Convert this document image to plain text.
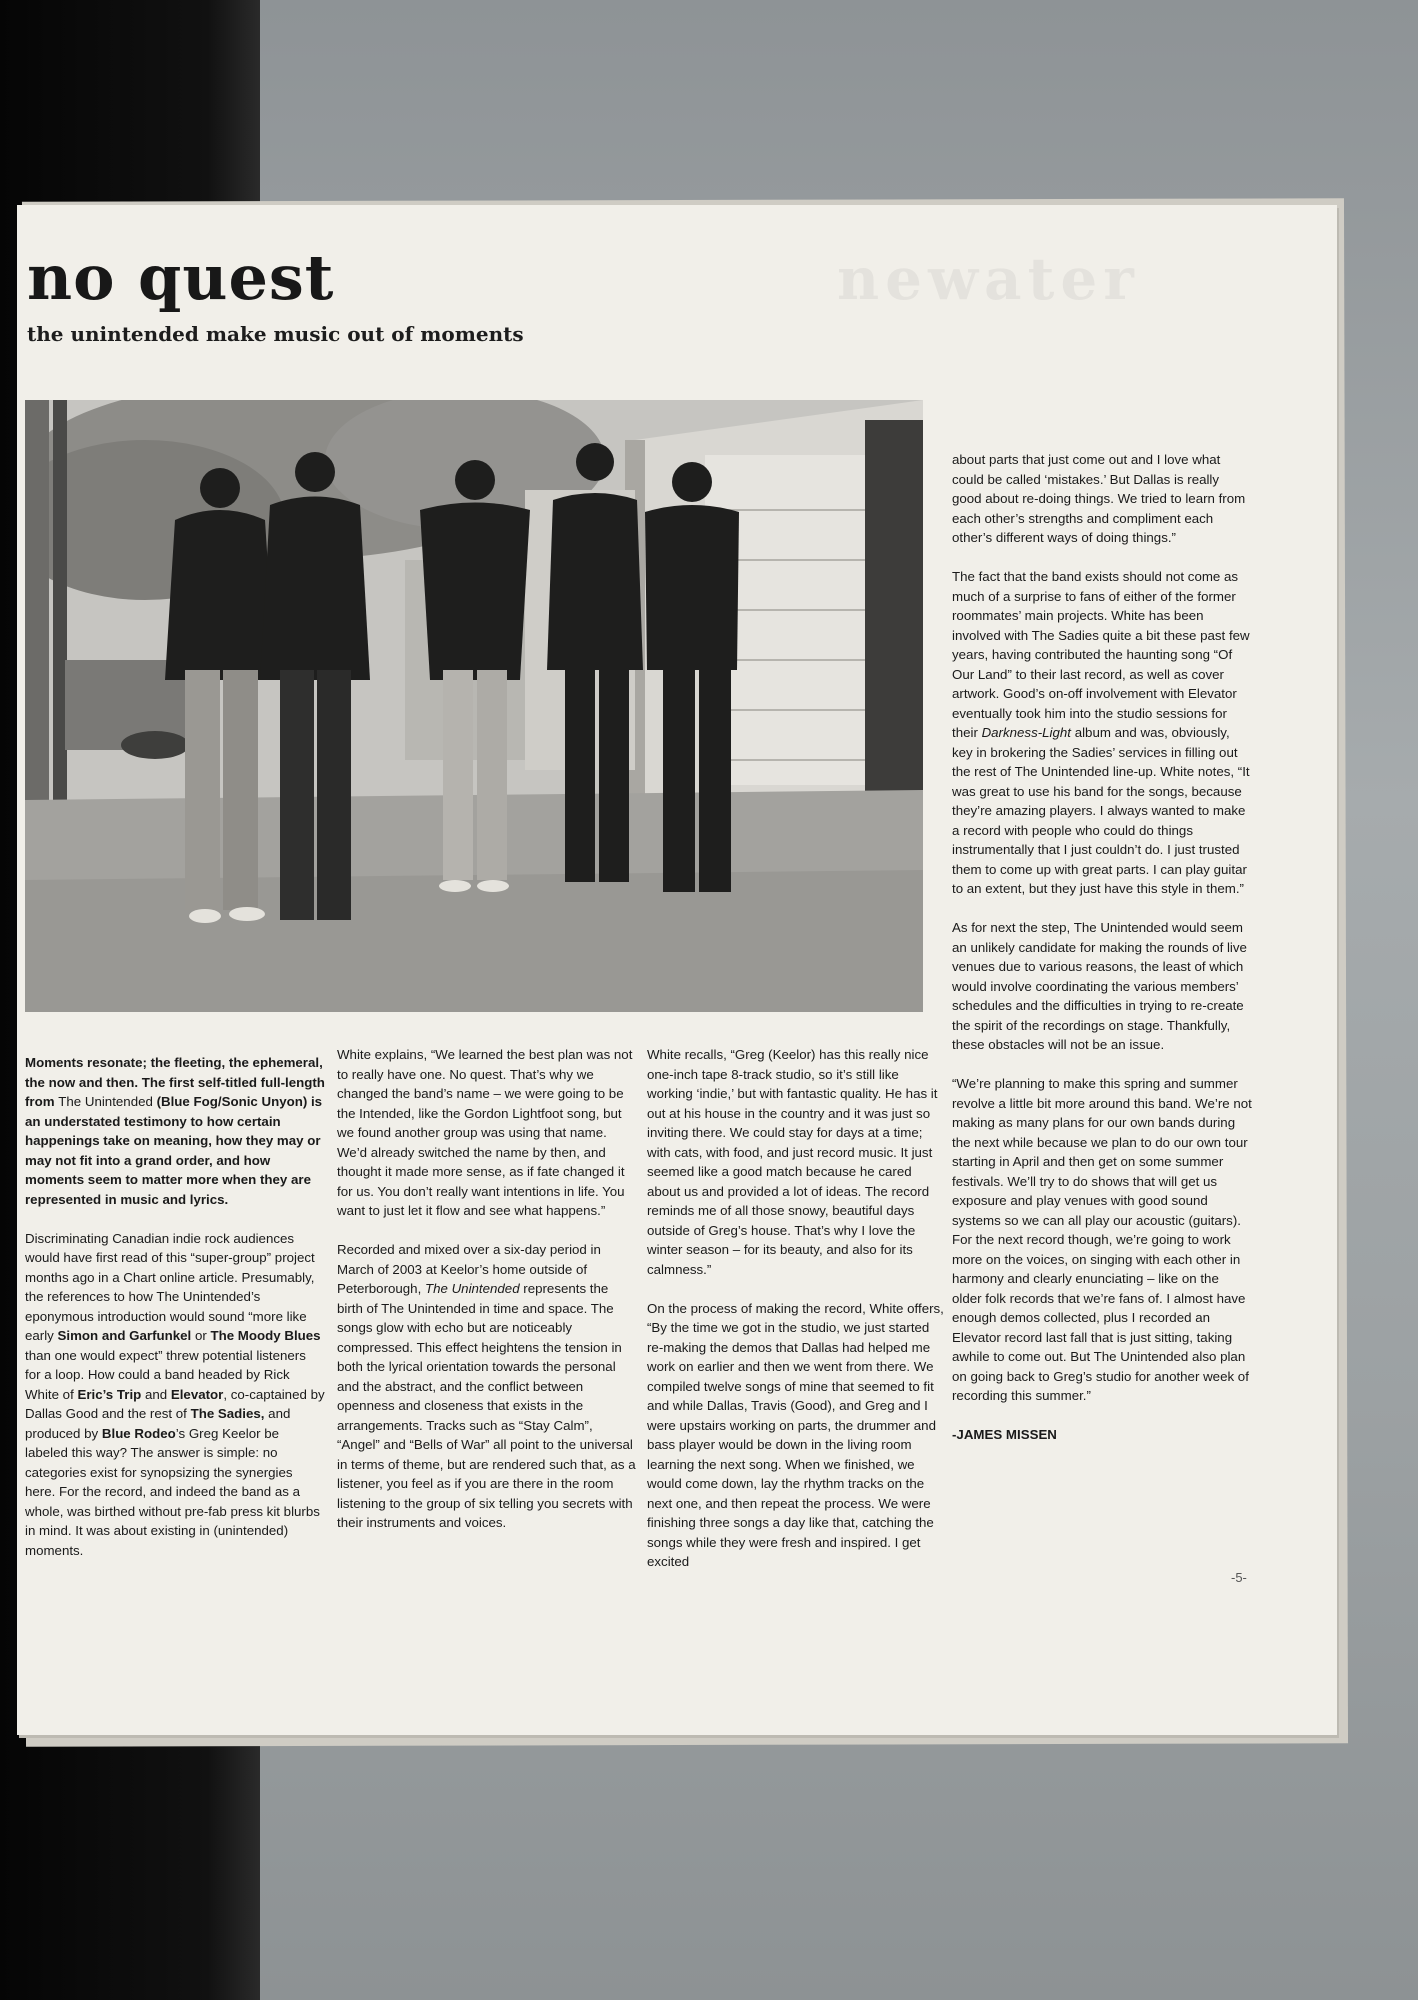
newater
no quest
the unintended make music out of moments

Moments resonate; the fleeting, the ephemeral, the now and then. The first self-titled full-length from The Unintended (Blue Fog/Sonic Unyon) is an understated testimony to how certain happenings take on meaning, how they may or may not fit into a grand order, and how moments seem to matter more when they are represented in music and lyrics.

Discriminating Canadian indie rock audiences would have first read of this “super-group” project months ago in a Chart online article. Presumably, the references to how The Unintended’s eponymous introduction would sound “more like early Simon and Garfunkel or The Moody Blues than one would expect” threw potential listeners for a loop. How could a band headed by Rick White of Eric’s Trip and Elevator, co-captained by Dallas Good and the rest of The Sadies, and produced by Blue Rodeo’s Greg Keelor be labeled this way? The answer is simple: no categories exist for synopsizing the synergies here. For the record, and indeed the band as a whole, was birthed without pre-fab press kit blurbs in mind. It was about existing in (unintended) moments.

White explains, “We learned the best plan was not to really have one. No quest. That’s why we changed the band’s name – we were going to be the Intended, like the Gordon Lightfoot song, but we found another group was using that name. We’d already switched the name by then, and thought it made more sense, as if fate changed it for us. You don’t really want intentions in life. You want to just let it flow and see what happens.”

Recorded and mixed over a six-day period in March of 2003 at Keelor’s home outside of Peterborough, The Unintended represents the birth of The Unintended in time and space. The songs glow with echo but are noticeably compressed. This effect heightens the tension in both the lyrical orientation towards the personal and the abstract, and the conflict between openness and closeness that exists in the arrangements. Tracks such as “Stay Calm”, “Angel” and “Bells of War” all point to the universal in terms of theme, but are rendered such that, as a listener, you feel as if you are there in the room listening to the group of six telling you secrets with their instruments and voices.

White recalls, “Greg (Keelor) has this really nice one-inch tape 8-track studio, so it’s still like working ‘indie,’ but with fantastic quality. He has it out at his house in the country and it was just so inviting there. We could stay for days at a time; with cats, with food, and just record music. It just seemed like a good match because he cared about us and provided a lot of ideas. The record reminds me of all those snowy, beautiful days outside of Greg’s house. That’s why I love the winter season – for its beauty, and also for its calmness.”

On the process of making the record, White offers, “By the time we got in the studio, we just started re-making the demos that Dallas had helped me work on earlier and then we went from there. We compiled twelve songs of mine that seemed to fit and while Dallas, Travis (Good), and Greg and I were upstairs working on parts, the drummer and bass player would be down in the living room learning the next song. When we finished, we would come down, lay the rhythm tracks on the next one, and then repeat the process. We were finishing three songs a day like that, catching the songs while they were fresh and inspired. I get excited

about parts that just come out and I love what could be called ‘mistakes.’ But Dallas is really good about re-doing things. We tried to learn from each other’s strengths and compliment each other’s different ways of doing things.”

The fact that the band exists should not come as much of a surprise to fans of either of the former roommates’ main projects. White has been involved with The Sadies quite a bit these past few years, having contributed the haunting song “Of Our Land” to their last record, as well as cover artwork. Good’s on-off involvement with Elevator eventually took him into the studio sessions for their Darkness-Light album and was, obviously, key in brokering the Sadies’ services in filling out the rest of The Unintended line-up. White notes, “It was great to use his band for the songs, because they’re amazing players. I always wanted to make a record with people who could do things instrumentally that I just couldn’t do. I just trusted them to come up with great parts. I can play guitar to an extent, but they just have this style in them.”

As for next the step, The Unintended would seem an unlikely candidate for making the rounds of live venues due to various reasons, the least of which would involve coordinating the various members’ schedules and the difficulties in trying to re-create the spirit of the recordings on stage. Thankfully, these obstacles will not be an issue.

“We’re planning to make this spring and summer revolve a little bit more around this band. We’re not making as many plans for our own bands during the next while because we plan to do our own tour starting in April and then get on some summer festivals. We’ll try to do shows that will get us exposure and play venues with good sound systems so we can all play our acoustic (guitars). For the next record though, we’re going to work more on the voices, on singing with each other in harmony and clearly enunciating – like on the older folk records that we’re fans of. I almost have enough demos collected, plus I recorded an Elevator record last fall that is just sitting, taking awhile to come out. But The Unintended also plan on going back to Greg’s studio for another week of recording this summer.”

-JAMES MISSEN

-5-
